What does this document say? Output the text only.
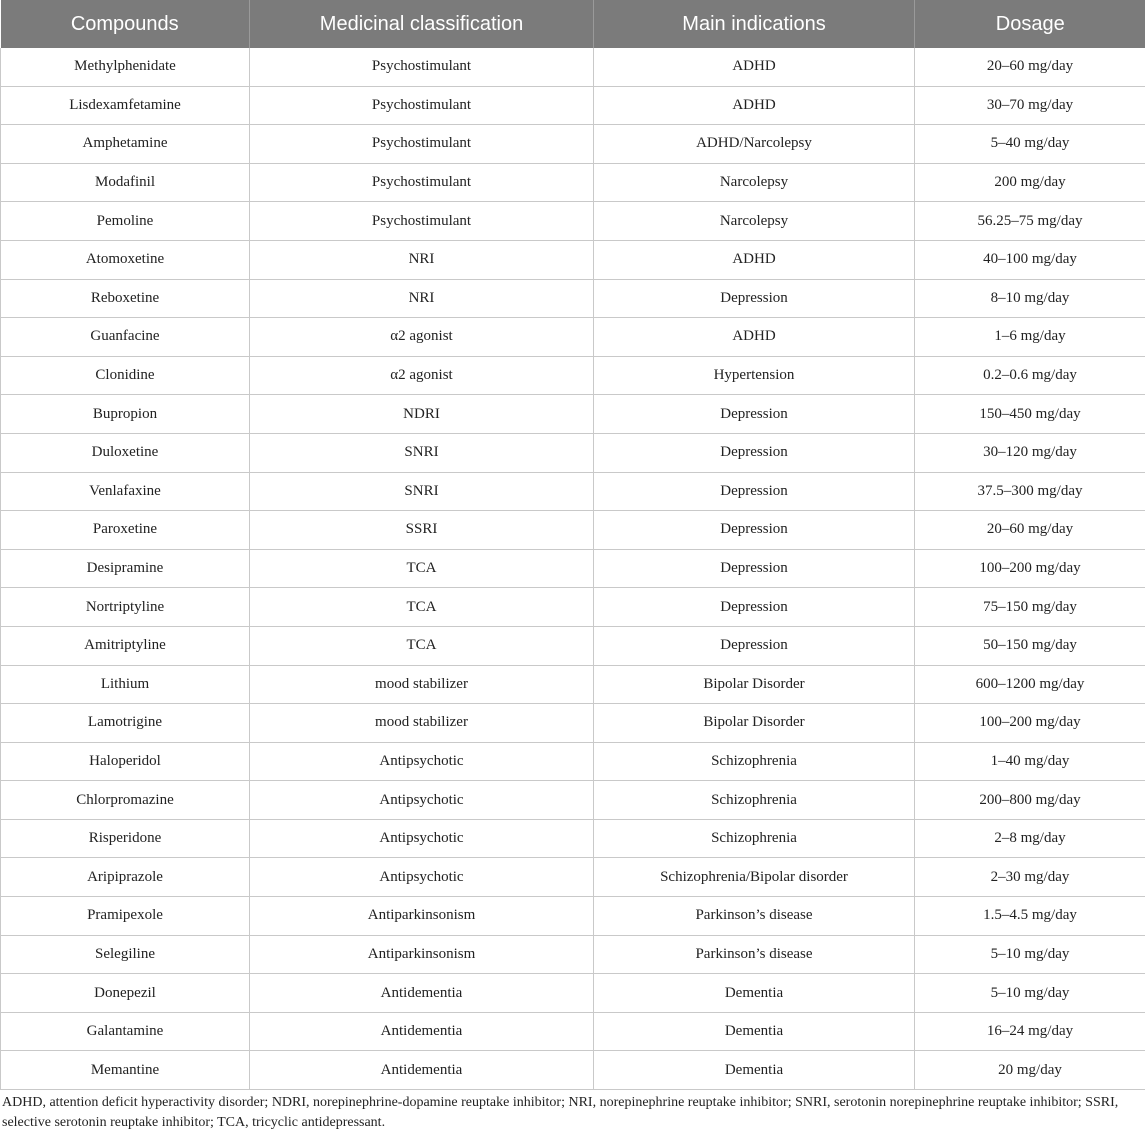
Compounds	Medicinal classification	Main indications	Dosage
Methylphenidate	Psychostimulant	ADHD	20–60 mg/day
Lisdexamfetamine	Psychostimulant	ADHD	30–70 mg/day
Amphetamine	Psychostimulant	ADHD/Narcolepsy	5–40 mg/day
Modafinil	Psychostimulant	Narcolepsy	200 mg/day
Pemoline	Psychostimulant	Narcolepsy	56.25–75 mg/day
Atomoxetine	NRI	ADHD	40–100 mg/day
Reboxetine	NRI	Depression	8–10 mg/day
Guanfacine	α2 agonist	ADHD	1–6 mg/day
Clonidine	α2 agonist	Hypertension	0.2–0.6 mg/day
Bupropion	NDRI	Depression	150–450 mg/day
Duloxetine	SNRI	Depression	30–120 mg/day
Venlafaxine	SNRI	Depression	37.5–300 mg/day
Paroxetine	SSRI	Depression	20–60 mg/day
Desipramine	TCA	Depression	100–200 mg/day
Nortriptyline	TCA	Depression	75–150 mg/day
Amitriptyline	TCA	Depression	50–150 mg/day
Lithium	mood stabilizer	Bipolar Disorder	600–1200 mg/day
Lamotrigine	mood stabilizer	Bipolar Disorder	100–200 mg/day
Haloperidol	Antipsychotic	Schizophrenia	1–40 mg/day
Chlorpromazine	Antipsychotic	Schizophrenia	200–800 mg/day
Risperidone	Antipsychotic	Schizophrenia	2–8 mg/day
Aripiprazole	Antipsychotic	Schizophrenia/Bipolar disorder	2–30 mg/day
Pramipexole	Antiparkinsonism	Parkinson’s disease	1.5–4.5 mg/day
Selegiline	Antiparkinsonism	Parkinson’s disease	5–10 mg/day
Donepezil	Antidementia	Dementia	5–10 mg/day
Galantamine	Antidementia	Dementia	16–24 mg/day
Memantine	Antidementia	Dementia	20 mg/day

ADHD, attention deficit hyperactivity disorder; NDRI, norepinephrine-dopamine reuptake inhibitor; NRI, norepinephrine reuptake inhibitor; SNRI, serotonin norepinephrine reuptake inhibitor; SSRI, selective serotonin reuptake inhibitor; TCA, tricyclic antidepressant.
